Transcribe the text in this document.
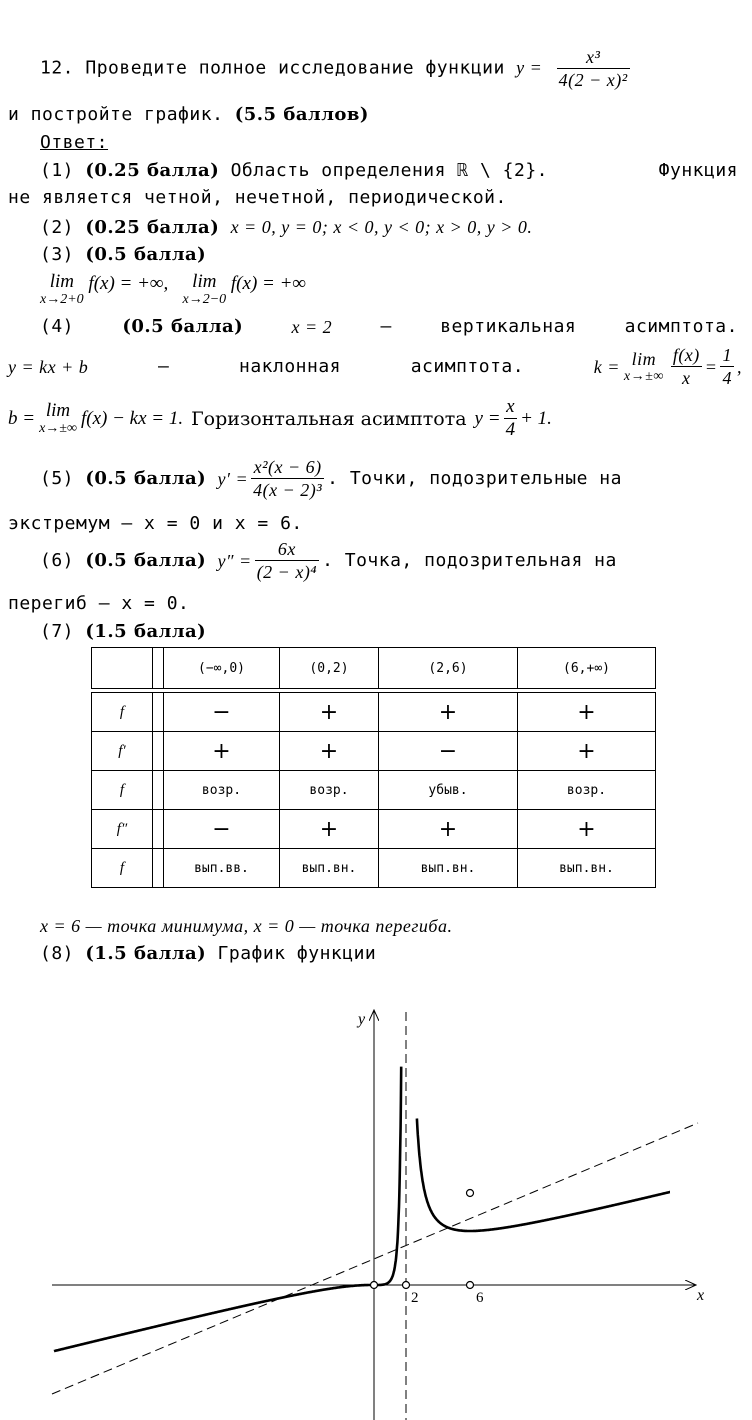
12. Проведите полное исследование функции $y = \frac{\text{x³}}{\text{4(2 − x)²}}$
и постройте график. (5.5 баллов)
Ответ:
(1) (0.25 балла) Область определения ℝ \ {2}.	Функция
не является четной, нечетной, периодической.
(2) (0.25 балла) x = 0, y = 0; x < 0, y < 0; x > 0, y > 0.
(3) (0.5 балла)
lim
x→2+0
f(x) = +∞, lim
x→2−0
f(x) = +∞
(4)	(0.5 балла)	x = 2	—	вертикальная	асимптота.
y = kx + b	—	наклонная	асимптота.	k = lim
$x\to\pm\infty \frac{f(x)}{x} = \frac{1}{4}$ ,
b = lim
x→±∞ f(x) − kx = 1. Горизонтальная асимптота $y = \frac{x}{4} + 1$.
(5)
(0.5 балла)
$y' = \frac{\text{x²(x − 6)}}{\text{4(x − 2)³}}$ . Точки, подозрительные на
экстремум — x = 0 и x = 6.
(6)
(0.5 балла)
$y'' = \frac{6x}{\text{(2 − x)⁴}}$ . Точка, подозрительная на
перегиб — x = 0.
(7) (1.5 балла)
		(−∞,0)	(0,2)	(2,6)	(6,+∞)

f		−	+	+	+
f′		+	+	−	+
f		возр.	возр.	убыв.	возр.
f″		−	+	+	+
f		вып.вв.	вып.вн.	вып.вн.	вып.вн.
x = 6 — точка минимума, x = 0 — точка перегиба.
(8) (1.5 балла) График функции
x
y
2	6
